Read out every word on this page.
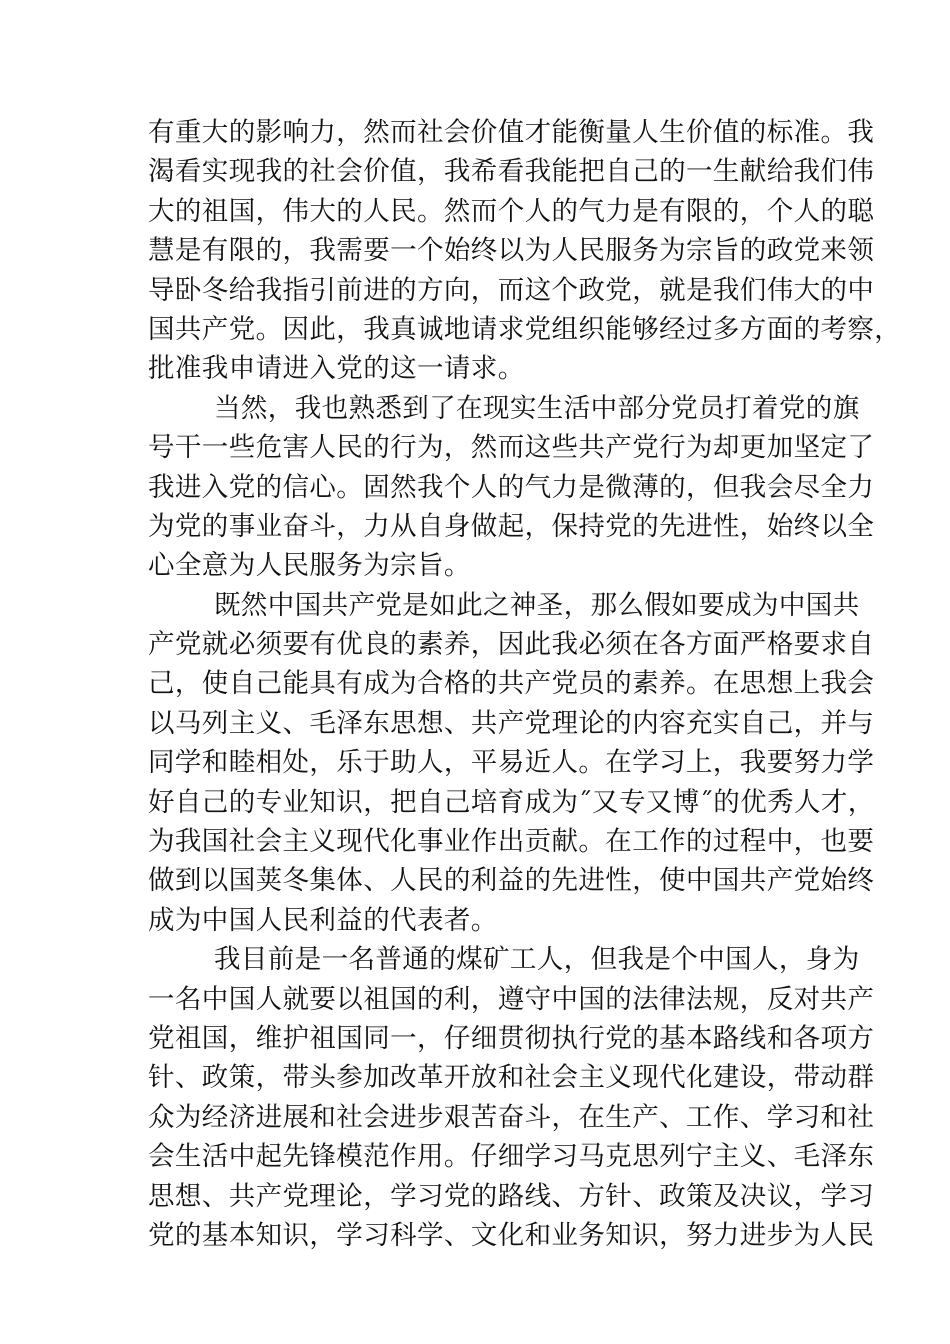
有重大的影响力，然而社会价值才能衡量人生价值的标准。我
渴看实现我的社会价值，我希看我能把自己的一生献给我们伟
大的祖国，伟大的人民。然而个人的气力是有限的，个人的聪
慧是有限的，我需要一个始终以为人民服务为宗旨的政党来领
导卧冬给我指引前进的方向，而这个政党，就是我们伟大的中
国共产党。因此，我真诚地请求党组织能够经过多方面的考察，
批准我申请进入党的这一请求。
当然，我也熟悉到了在现实生活中部分党员打着党的旗
号干一些危害人民的行为，然而这些共产党行为却更加坚定了
我进入党的信心。固然我个人的气力是微薄的，但我会尽全力
为党的事业奋斗，力从自身做起，保持党的先进性，始终以全
心全意为人民服务为宗旨。
既然中国共产党是如此之神圣，那么假如要成为中国共
产党就必须要有优良的素养，因此我必须在各方面严格要求自
己，使自己能具有成为合格的共产党员的素养。在思想上我会
以马列主义、毛泽东思想、共产党理论的内容充实自己，并与
同学和睦相处，乐于助人，平易近人。在学习上，我要努力学
好自己的专业知识，把自己培育成为˝又专又博˝的优秀人才，
为我国社会主义现代化事业作出贡献。在工作的过程中，也要
做到以国荚冬集体、人民的利益的先进性，使中国共产党始终
成为中国人民利益的代表者。
我目前是一名普通的煤矿工人，但我是个中国人，身为
一名中国人就要以祖国的利，遵守中国的法律法规，反对共产
党祖国，维护祖国同一，仔细贯彻执行党的基本路线和各项方
针、政策，带头参加改革开放和社会主义现代化建设，带动群
众为经济进展和社会进步艰苦奋斗，在生产、工作、学习和社
会生活中起先锋模范作用。仔细学习马克思列宁主义、毛泽东
思想、共产党理论，学习党的路线、方针、政策及决议，学习
党的基本知识，学习科学、文化和业务知识，努力进步为人民
